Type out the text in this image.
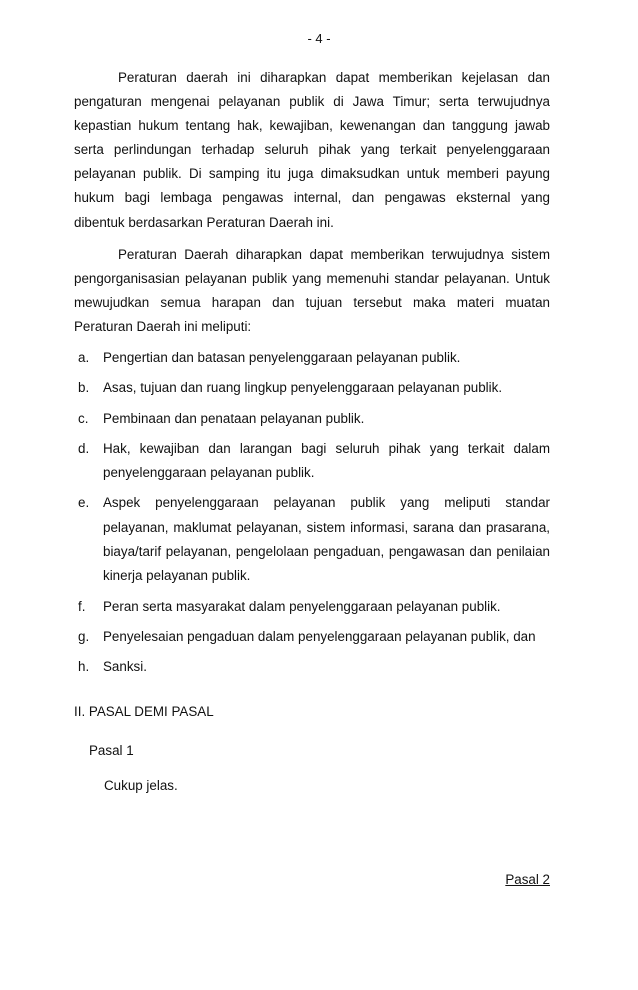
- 4 -

Peraturan daerah ini diharapkan dapat memberikan kejelasan dan pengaturan mengenai pelayanan publik di Jawa Timur; serta terwujudnya kepastian hukum tentang hak, kewajiban, kewenangan dan tanggung jawab serta perlindungan terhadap seluruh pihak yang terkait penyelenggaraan pelayanan publik. Di samping itu juga dimaksudkan untuk memberi payung hukum bagi lembaga pengawas internal, dan pengawas eksternal yang dibentuk berdasarkan Peraturan Daerah ini.

Peraturan Daerah diharapkan dapat memberikan terwujudnya sistem pengorganisasian pelayanan publik yang memenuhi standar pelayanan. Untuk mewujudkan semua harapan dan tujuan tersebut maka materi muatan Peraturan Daerah ini meliputi:

a. Pengertian dan batasan penyelenggaraan pelayanan publik.
b. Asas, tujuan dan ruang lingkup penyelenggaraan pelayanan publik.
c. Pembinaan dan penataan pelayanan publik.
d. Hak, kewajiban dan larangan bagi seluruh pihak yang terkait dalam penyelenggaraan pelayanan publik.
e. Aspek penyelenggaraan pelayanan publik yang meliputi standar pelayanan, maklumat pelayanan, sistem informasi, sarana dan prasarana, biaya/tarif pelayanan, pengelolaan pengaduan, pengawasan dan penilaian kinerja pelayanan publik.
f. Peran serta masyarakat dalam penyelenggaraan pelayanan publik.
g. Penyelesaian pengaduan dalam penyelenggaraan pelayanan publik, dan
h. Sanksi.
II. PASAL DEMI PASAL
Pasal 1
Cukup jelas.
Pasal 2
